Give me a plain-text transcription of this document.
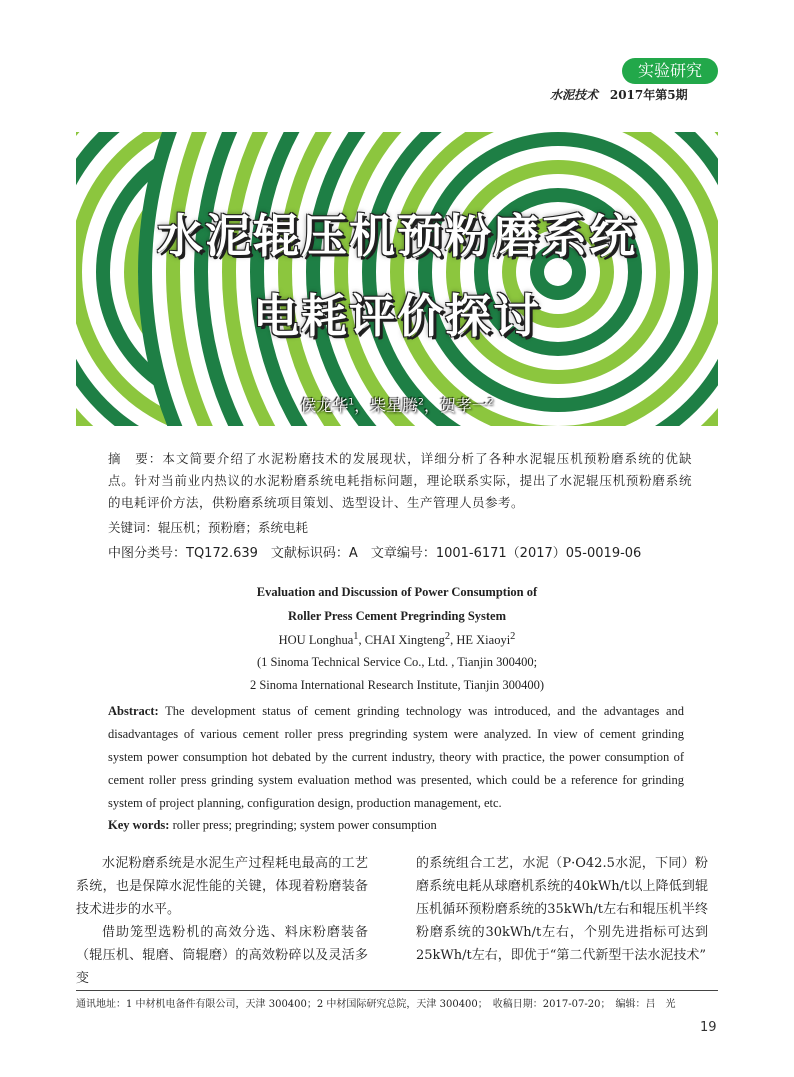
实验研究
水泥技术 2017年第5期
水泥辊压机预粉磨系统
电耗评价探讨
侯龙华$^1$，柴星腾$^2$，贺孝一$^2$
摘　要：本文简要介绍了水泥粉磨技术的发展现状，详细分析了各种水泥辊压机预粉磨系统的优缺点。针对当前业内热议的水泥粉磨系统电耗指标问题，理论联系实际，提出了水泥辊压机预粉磨系统的电耗评价方法，供粉磨系统项目策划、选型设计、生产管理人员参考。
关键词：辊压机；预粉磨；系统电耗
中图分类号：TQ172.639　文献标识码：A　文章编号：1001-6171（2017）05-0019-06
Evaluation and Discussion of Power Consumption of
Roller Press Cement Pregrinding System
HOU Longhua$^1$, CHAI Xingteng$^2$, HE Xiaoyi$^2$
(1 Sinoma Technical Service Co., Ltd. , Tianjin 300400;
2 Sinoma International Research Institute, Tianjin 300400)
Abstract: The development status of cement grinding technology was introduced, and the advantages and disadvantages of various cement roller press pregrinding system were analyzed. In view of cement grinding system power consumption hot debated by the current industry, theory with practice, the power consumption of cement roller press grinding system evaluation method was presented, which could be a reference for grinding system of project planning, configuration design, production management, etc.
Key words: roller press; pregrinding; system power consumption

水泥粉磨系统是水泥生产过程耗电最高的工艺系统，也是保障水泥性能的关键，体现着粉磨装备技术进步的水平。

借助笼型选粉机的高效分选、料床粉磨装备（辊压机、辊磨、筒辊磨）的高效粉碎以及灵活多变

的系统组合工艺，水泥（P·O42.5水泥，下同）粉磨系统电耗从球磨机系统的40kWh/t以上降低到辊压机循环预粉磨系统的35kWh/t左右和辊压机半终粉磨系统的30kWh/t左右，个别先进指标可达到25kWh/t左右，即优于“第二代新型干法水泥技术”

通讯地址：1 中材机电备件有限公司，天津 300400；2 中材国际研究总院，天津 300400；　收稿日期：2017-07-20；　编辑：吕　光
19
